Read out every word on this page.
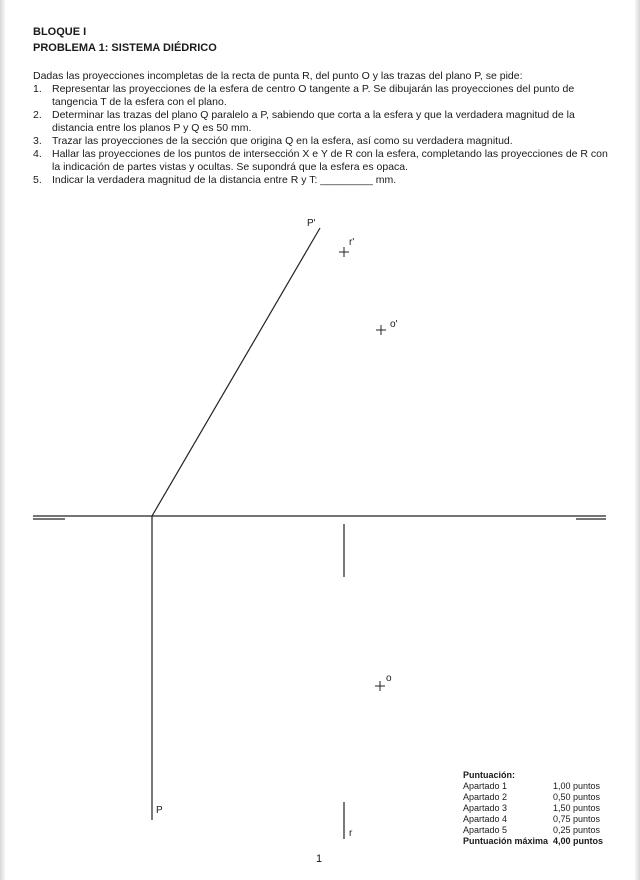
BLOQUE I
PROBLEMA 1: SISTEMA DIÉDRICO
Dadas las proyecciones incompletas de la recta de punta R, del punto O y las trazas del plano P, se pide:
1. Representar las proyecciones de la esfera de centro O tangente a P. Se dibujarán las proyecciones del punto de tangencia T de la esfera con el plano.
2. Determinar las trazas del plano Q paralelo a P, sabiendo que corta a la esfera y que la verdadera magnitud de la distancia entre los planos P y Q es 50 mm.
3. Trazar las proyecciones de la sección que origina Q en la esfera, así como su verdadera magnitud.
4. Hallar las proyecciones de los puntos de intersección X e Y de R con la esfera, completando las proyecciones de R con la indicación de partes vistas y ocultas. Se supondrá que la esfera es opaca.
5. Indicar la verdadera magnitud de la distancia entre R y T: _________ mm.
P'
r'
o'
o
P
r
Puntuación:
Apartado 1	1,00 puntos
Apartado 2	0,50 puntos
Apartado 3	1,50 puntos
Apartado 4	0,75 puntos
Apartado 5	0,25 puntos
Puntuación máxima 4,00 puntos
1
